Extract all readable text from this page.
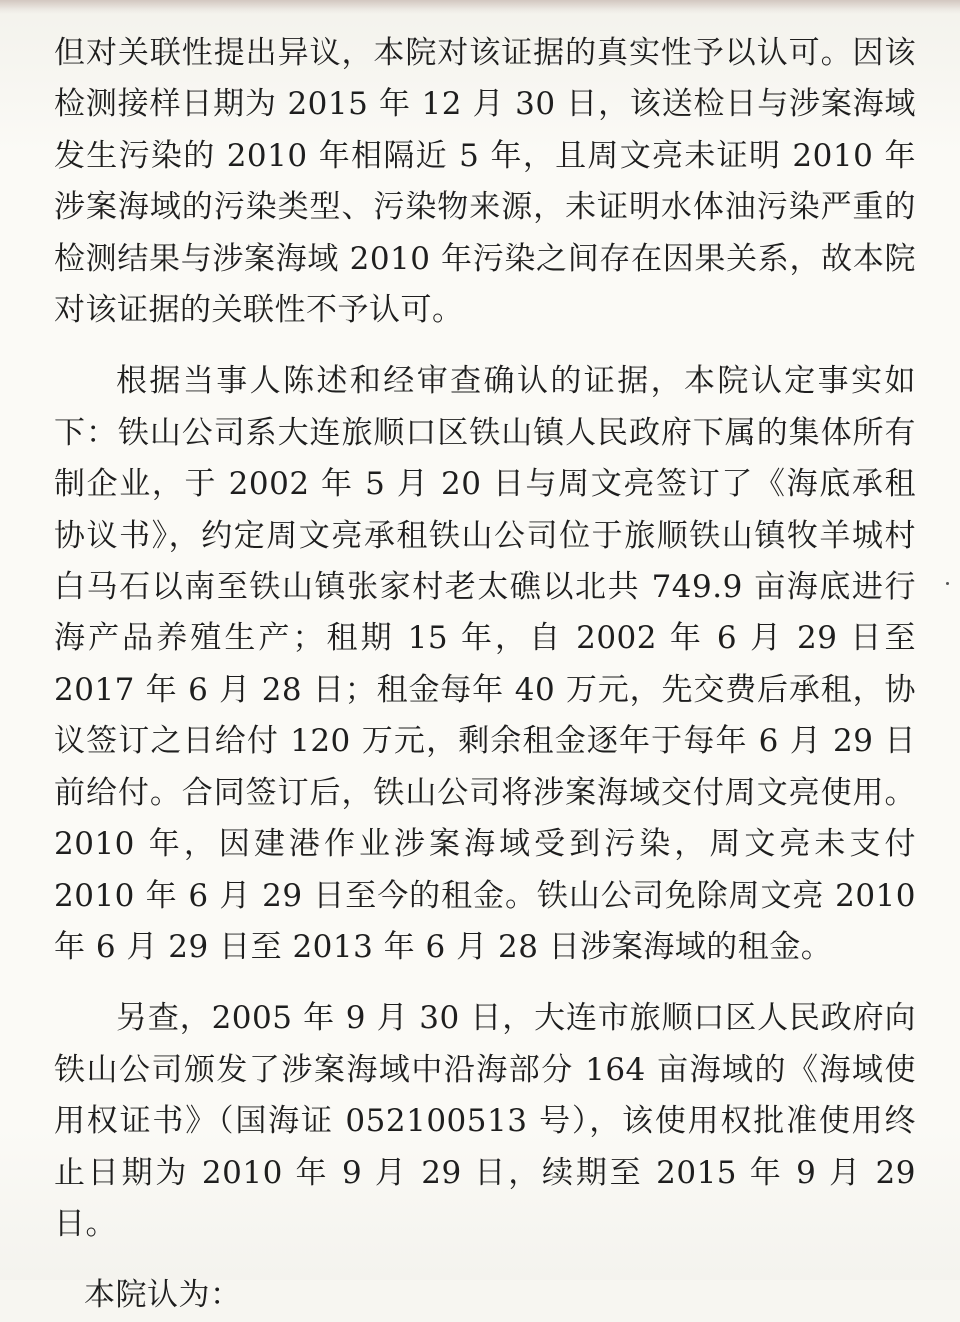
但对关联性提出异议，本院对该证据的真实性予以认可。因该检测接样日期为 2015 年 12 月 30 日，该送检日与涉案海域发生污染的 2010 年相隔近 5 年，且周文亮未证明 2010 年涉案海域的污染类型、污染物来源，未证明水体油污染严重的检测结果与涉案海域 2010 年污染之间存在因果关系，故本院对该证据的关联性不予认可。

根据当事人陈述和经审查确认的证据，本院认定事实如下：铁山公司系大连旅顺口区铁山镇人民政府下属的集体所有制企业，于 2002 年 5 月 20 日与周文亮签订了《海底承租协议书》，约定周文亮承租铁山公司位于旅顺铁山镇牧羊城村白马石以南至铁山镇张家村老太礁以北共 749.9 亩海底进行海产品养殖生产；租期 15 年，自 2002 年 6 月 29 日至 2017 年 6 月 28 日；租金每年 40 万元，先交费后承租，协议签订之日给付 120 万元，剩余租金逐年于每年 6 月 29 日前给付。合同签订后，铁山公司将涉案海域交付周文亮使用。2010 年，因建港作业涉案海域受到污染，周文亮未支付 2010 年 6 月 29 日至今的租金。铁山公司免除周文亮 2010 年 6 月 29 日至 2013 年 6 月 28 日涉案海域的租金。

另查，2005 年 9 月 30 日，大连市旅顺口区人民政府向铁山公司颁发了涉案海域中沿海部分 164 亩海域的《海域使用权证书》（国海证 052100513 号），该使用权批准使用终止日期为 2010 年 9 月 29 日，续期至 2015 年 9 月 29 日。

本院认为：
